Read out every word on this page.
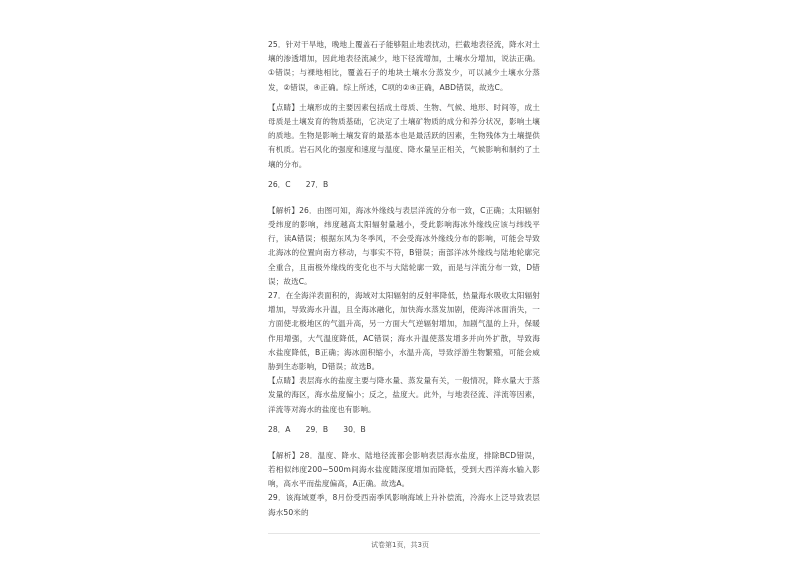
25．针对干旱地，晚地上覆盖石子能够阻止地表扰动，拦截地表径流，降水对土壤的渗透增加，因此地表径流减少，地下径流增加，土壤水分增加，说法正确。①错误；与裸地相比，覆盖石子的地块土壤水分蒸发少，可以减少土壤水分蒸发，②错误，④正确。综上所述，C项的②④正确，ABD错误，故选C。

【点睛】土壤形成的主要因素包括成土母质、生物、气候、地形、时间等，成土母质是土壤发育的物质基础，它决定了土壤矿物质的成分和养分状况，影响土壤的质地。生物是影响土壤发育的最基本也是最活跃的因素，生物残体为土壤提供有机质。岩石风化的强度和速度与温度、降水量呈正相关，气候影响和制约了土壤的分布。

26．C　　27．B

【解析】26．由图可知，海冰外缘线与表层洋流的分布一致，C正确；太阳辐射受纬度的影响，纬度越高太阳辐射量越小，受此影响海冰外缘线应该与纬线平行，读A错误；根据东风为冬季风，不会受海冰外缘线分布的影响，可能会导致北海冰的位置向南方移动，与事实不符，B错误；南部洋冰外缘线与陆地轮廓完全重合，且南极外缘线的变化也不与大陆轮廓一致，而是与洋流分布一致，D错误；故选C。

27．在全海洋表面积的，海域对太阳辐射的反射率降低，热量海水吸收太阳辐射增加，导致海水升温，且全海冰融化，加快海水蒸发加剧，使海洋冰面消失，一方面使北极地区的气温升高，另一方面大气逆辐射增加，加剧气温的上升，保暖作用增强，大气温度降低，AC错误；海水升温使蒸发增多并向外扩散，导致海水盐度降低，B正确；海冰面积缩小，水温升高，导致浮游生物繁殖，可能会威胁到生态影响，D错误；故选B。

【点睛】表层海水的盐度主要与降水量、蒸发量有关，一般情况，降水量大于蒸发量的海区，海水盐度偏小；反之，盐度大。此外，与地表径流、洋流等因素，洋流等对海水的盐度也有影响。

28．A　　29．B　　30．B

【解析】28．温度、降水、陆地径流都会影响表层海水盐度，排除BCD错误，若相似纬度200~500m间海水盐度随深度增加而降低，受到大西洋海水输入影响，高水平而盐度偏高，A正确。故选A。

29．该海域夏季，8月份受西南季风影响海域上升补偿流，冷海水上泛导致表层海水50米的

试卷第1页，共3页
